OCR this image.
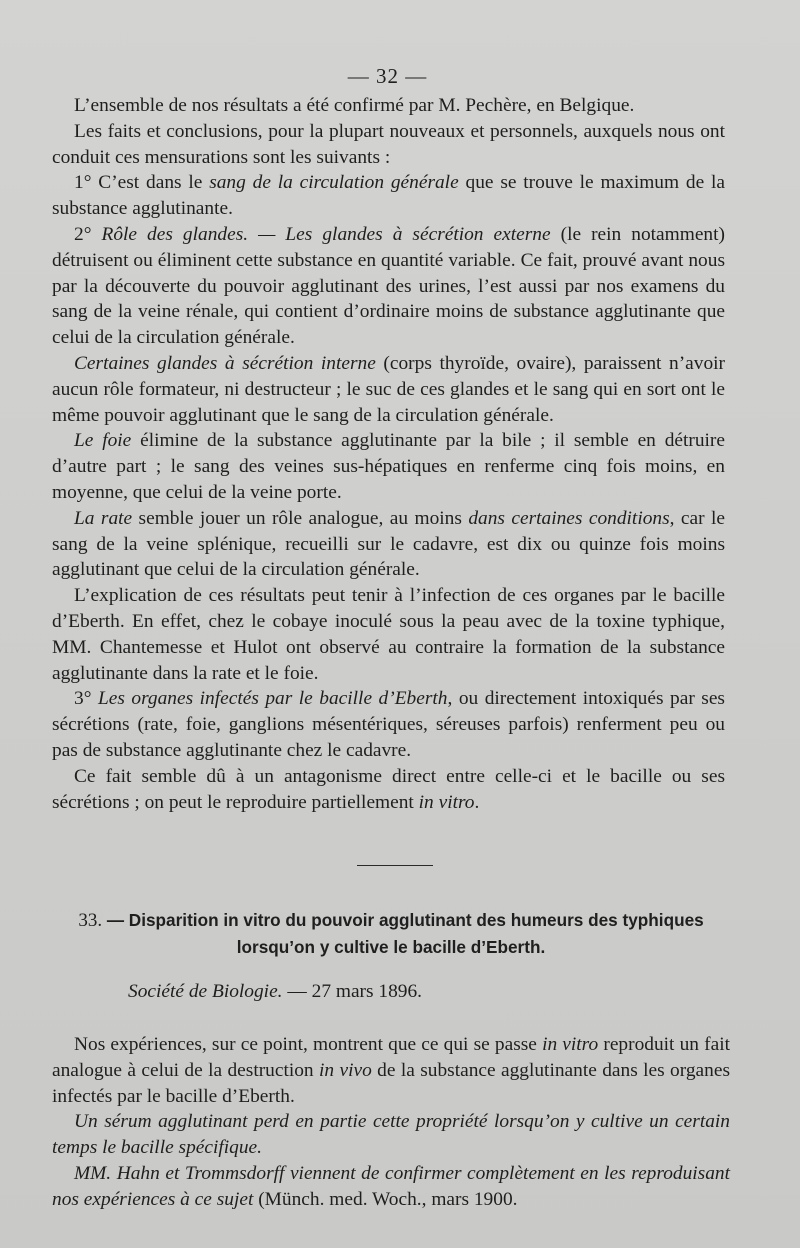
— 32 —

L’ensemble de nos résultats a été confirmé par M. Pechère, en Belgique.

Les faits et conclusions, pour la plupart nouveaux et personnels, auxquels nous ont conduit ces mensurations sont les suivants :

1° C’est dans le sang de la circulation générale que se trouve le maximum de la substance agglutinante.

2° Rôle des glandes. — Les glandes à sécrétion externe (le rein notamment) détruisent ou éliminent cette substance en quantité variable. Ce fait, prouvé avant nous par la découverte du pouvoir agglutinant des urines, l’est aussi par nos examens du sang de la veine rénale, qui contient d’ordinaire moins de substance agglutinante que celui de la circulation générale.

Certaines glandes à sécrétion interne (corps thyroïde, ovaire), paraissent n’avoir aucun rôle formateur, ni destructeur ; le suc de ces glandes et le sang qui en sort ont le même pouvoir agglutinant que le sang de la circulation générale.

Le foie élimine de la substance agglutinante par la bile ; il semble en détruire d’autre part ; le sang des veines sus-hépatiques en renferme cinq fois moins, en moyenne, que celui de la veine porte.

La rate semble jouer un rôle analogue, au moins dans certaines conditions, car le sang de la veine splénique, recueilli sur le cadavre, est dix ou quinze fois moins agglutinant que celui de la circulation générale.

L’explication de ces résultats peut tenir à l’infection de ces organes par le bacille d’Eberth. En effet, chez le cobaye inoculé sous la peau avec de la toxine typhique, MM. Chantemesse et Hulot ont observé au contraire la formation de la substance agglutinante dans la rate et le foie.

3° Les organes infectés par le bacille d’Eberth, ou directement intoxiqués par ses sécrétions (rate, foie, ganglions mésentériques, séreuses parfois) renferment peu ou pas de substance agglutinante chez le cadavre.

Ce fait semble dû à un antagonisme direct entre celle-ci et le bacille ou ses sécrétions ; on peut le reproduire partiellement in vitro.

33. — Disparition in vitro du pouvoir agglutinant des humeurs des typhiques lorsqu’on y cultive le bacille d’Eberth.

Société de Biologie. — 27 mars 1896.

Nos expériences, sur ce point, montrent que ce qui se passe in vitro reproduit un fait analogue à celui de la destruction in vivo de la substance agglutinante dans les organes infectés par le bacille d’Eberth.

Un sérum agglutinant perd en partie cette propriété lorsqu’on y cultive un certain temps le bacille spécifique.

MM. Hahn et Trommsdorff viennent de confirmer complètement en les reproduisant nos expériences à ce sujet (Münch. med. Woch., mars 1900.
